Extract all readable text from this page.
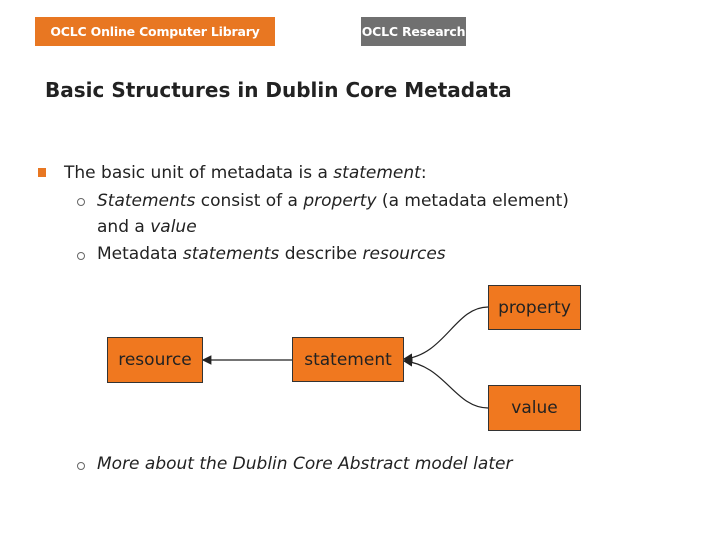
OCLC Online Computer Library Center
OCLC Research
Basic Structures in Dublin Core Metadata
The basic unit of metadata is a statement:
Statements consist of a property (a metadata element)
and a value
Metadata statements describe resources
property
resource	statement
value
More about the Dublin Core Abstract model later
